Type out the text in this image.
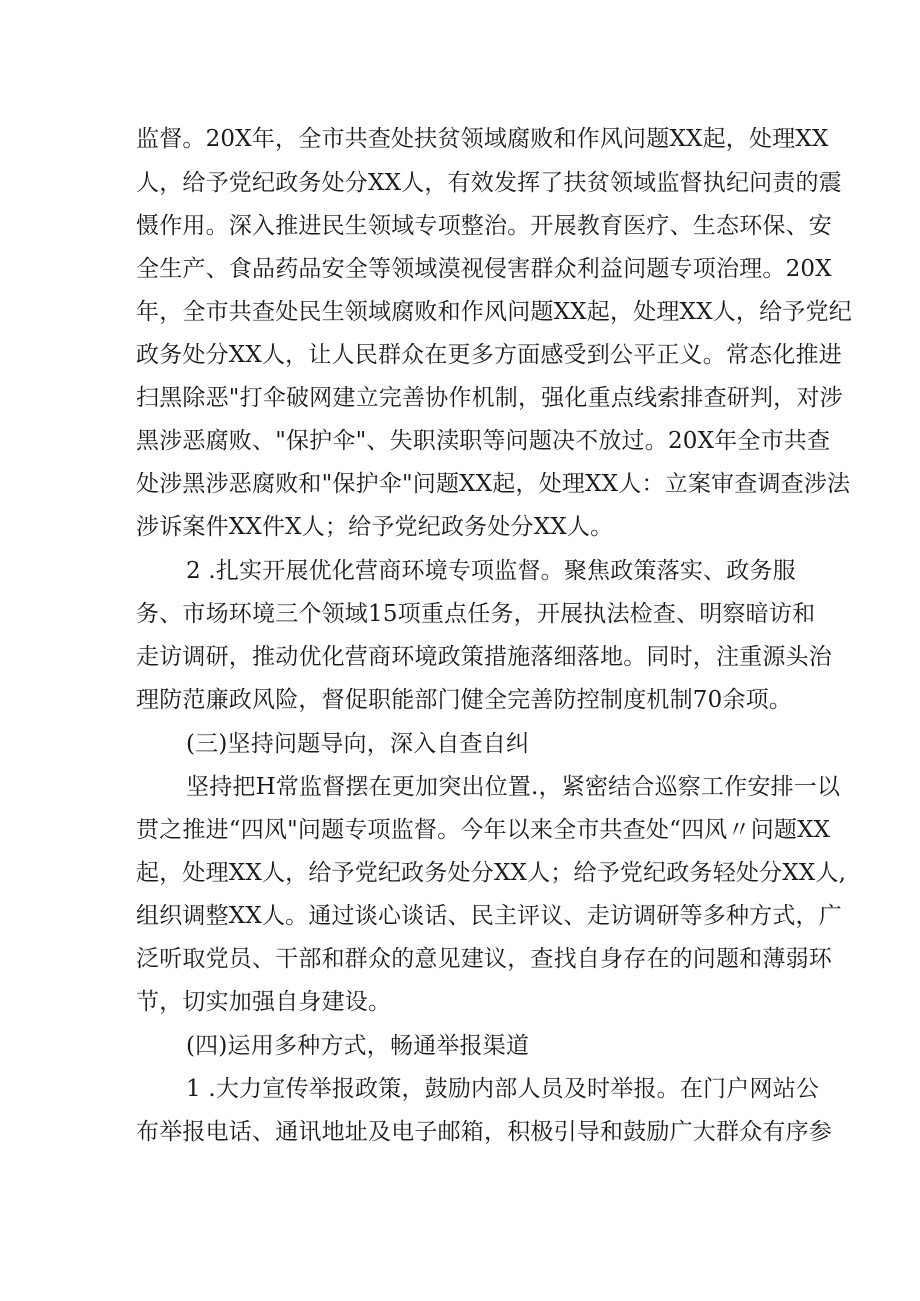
监督。20X年，全市共查处扶贫领域腐败和作风问题XX起，处理XX
人，给予党纪政务处分XX人，有效发挥了扶贫领域监督执纪问责的震
慑作用。深入推进民生领域专项整治。开展教育医疗、生态环保、安
全生产、食品药品安全等领域漠视侵害群众利益问题专项治理。20X
年，全市共查处民生领域腐败和作风问题XX起，处理XX人，给予党纪
政务处分XX人，让人民群众在更多方面感受到公平正义。常态化推进
扫黑除恶"打伞破网建立完善协作机制，强化重点线索排查研判，对涉
黑涉恶腐败、"保护伞"、失职渎职等问题决不放过。20X年全市共查
处涉黑涉恶腐败和"保护伞"问题XX起，处理XX人：立案审查调查涉法
涉诉案件XX件X人；给予党纪政务处分XX人。
2 .扎实开展优化营商环境专项监督。聚焦政策落实、政务服
务、市场环境三个领域15项重点任务，开展执法检查、明察暗访和
走访调研，推动优化营商环境政策措施落细落地。同时，注重源头治
理防范廉政风险，督促职能部门健全完善防控制度机制70余项。
(三)坚持问题导向，深入自查自纠
坚持把H常监督摆在更加突出位置.，紧密结合巡察工作安排一以
贯之推进“四风"问题专项监督。今年以来全市共查处“四风〃问题XX
起，处理XX人，给予党纪政务处分XX人；给予党纪政务轻处分XX人,
组织调整XX人。通过谈心谈话、民主评议、走访调研等多种方式，广
泛听取党员、干部和群众的意见建议，查找自身存在的问题和薄弱环
节，切实加强自身建设。
(四)运用多种方式，畅通举报渠道
1 .大力宣传举报政策，鼓励内部人员及时举报。在门户网站公
布举报电话、通讯地址及电子邮箱，积极引导和鼓励广大群众有序参
